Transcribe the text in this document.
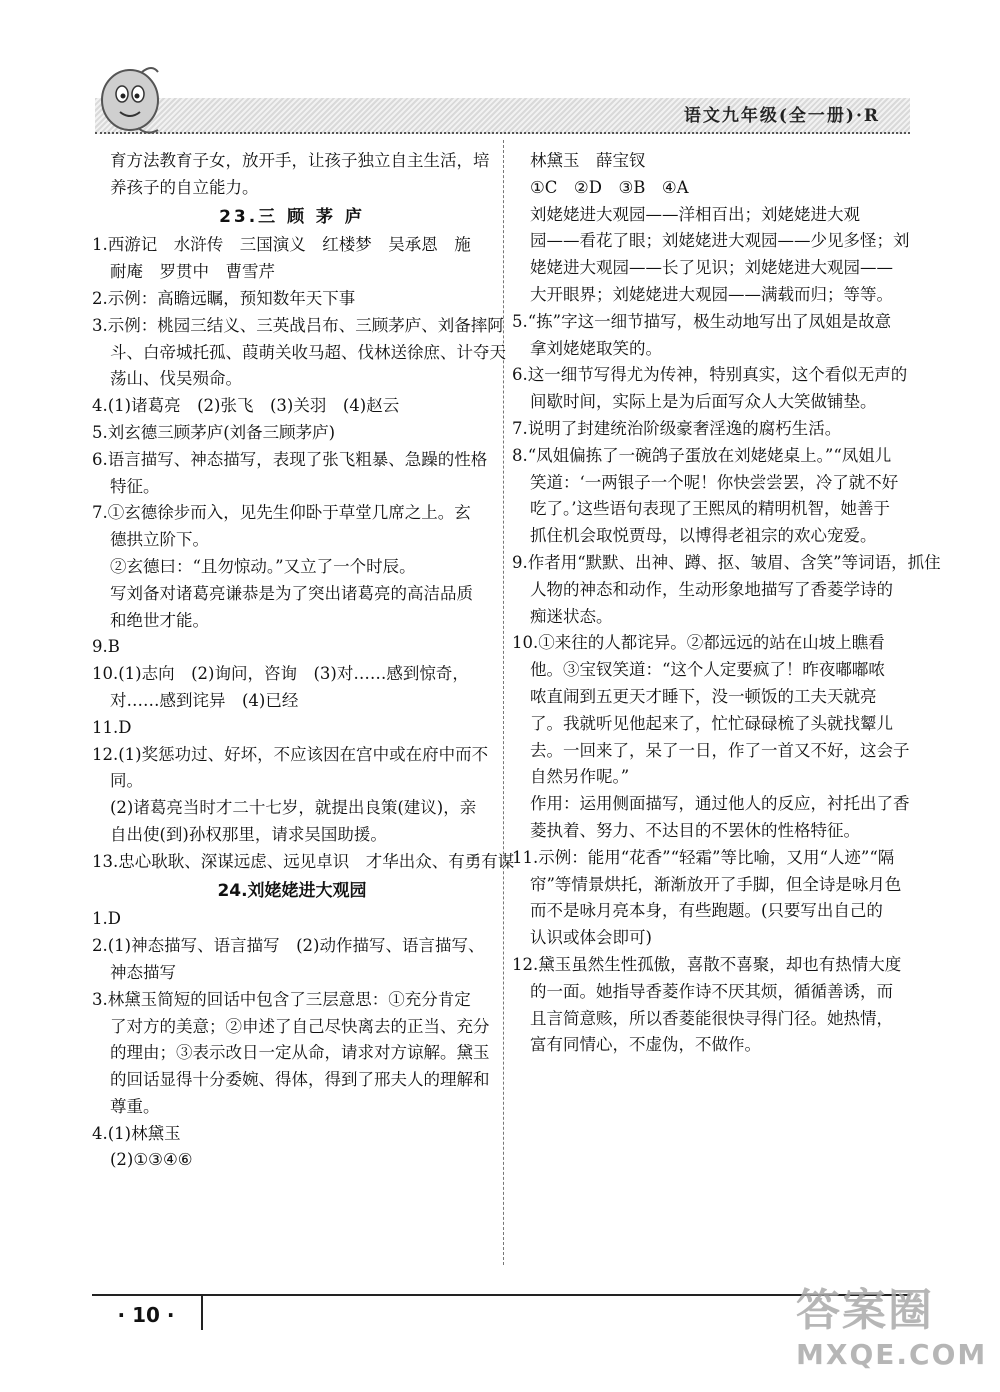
语文九年级(全一册)·R
育方法教育子女，放开手，让孩子独立自主生活，培
养孩子的自立能力。
23.三 顾 茅 庐
1.西游记　水浒传　三国演义　红楼梦　吴承恩　施
耐庵　罗贯中　曹雪芹
2.示例：高瞻远瞩，预知数年天下事
3.示例：桃园三结义、三英战吕布、三顾茅庐、刘备摔阿
斗、白帝城托孤、葭萌关收马超、伐林送徐庶、计夺天
荡山、伐吴殒命。
4.(1)诸葛亮　(2)张飞　(3)关羽　(4)赵云
5.刘玄德三顾茅庐(刘备三顾茅庐)
6.语言描写、神态描写，表现了张飞粗暴、急躁的性格
特征。
7.①玄德徐步而入，见先生仰卧于草堂几席之上。玄
德拱立阶下。
②玄德曰：“且勿惊动。”又立了一个时辰。
写刘备对诸葛亮谦恭是为了突出诸葛亮的高洁品质
和绝世才能。
9.B
10.(1)志向　(2)询问，咨询　(3)对……感到惊奇，
对……感到诧异　(4)已经
11.D
12.(1)奖惩功过、好坏，不应该因在宫中或在府中而不
同。
(2)诸葛亮当时才二十七岁，就提出良策(建议)，亲
自出使(到)孙权那里，请求吴国助援。
13.忠心耿耿、深谋远虑、远见卓识　才华出众、有勇有谋
24.刘姥姥进大观园
1.D
2.(1)神态描写、语言描写　(2)动作描写、语言描写、
神态描写
3.林黛玉简短的回话中包含了三层意思：①充分肯定
了对方的美意；②申述了自己尽快离去的正当、充分
的理由；③表示改日一定从命，请求对方谅解。黛玉
的回话显得十分委婉、得体，得到了邢夫人的理解和
尊重。
4.(1)林黛玉
(2)①③④⑥
林黛玉　薛宝钗
①C　②D　③B　④A
刘姥姥进大观园——洋相百出；刘姥姥进大观
园——看花了眼；刘姥姥进大观园——少见多怪；刘
姥姥进大观园——长了见识；刘姥姥进大观园——
大开眼界；刘姥姥进大观园——满载而归；等等。
5.“拣”字这一细节描写，极生动地写出了凤姐是故意
拿刘姥姥取笑的。
6.这一细节写得尤为传神，特别真实，这个看似无声的
间歇时间，实际上是为后面写众人大笑做铺垫。
7.说明了封建统治阶级豪奢淫逸的腐朽生活。
8.“凤姐偏拣了一碗鸽子蛋放在刘姥姥桌上。”“凤姐儿
笑道：‘一两银子一个呢！你快尝尝罢，冷了就不好
吃了。’这些语句表现了王熙凤的精明机智，她善于
抓住机会取悦贾母，以博得老祖宗的欢心宠爱。
9.作者用“默默、出神、蹲、抠、皱眉、含笑”等词语，抓住
人物的神态和动作，生动形象地描写了香菱学诗的
痴迷状态。
10.①来往的人都诧异。②都远远的站在山坡上瞧看
他。③宝钗笑道：“这个人定要疯了！昨夜嘟嘟哝
哝直闹到五更天才睡下，没一顿饭的工夫天就亮
了。我就听见他起来了，忙忙碌碌梳了头就找颦儿
去。一回来了，呆了一日，作了一首又不好，这会子
自然另作呢。”
作用：运用侧面描写，通过他人的反应，衬托出了香
菱执着、努力、不达目的不罢休的性格特征。
11.示例：能用“花香”“轻霜”等比喻，又用“人迹”“隔
帘”等情景烘托，渐渐放开了手脚，但全诗是咏月色
而不是咏月亮本身，有些跑题。(只要写出自己的
认识或体会即可)
12.黛玉虽然生性孤傲，喜散不喜聚，却也有热情大度
的一面。她指导香菱作诗不厌其烦，循循善诱，而
且言简意赅，所以香菱能很快寻得门径。她热情，
富有同情心，不虚伪，不做作。
· 10 ·	答案圈
MXQE.COM
